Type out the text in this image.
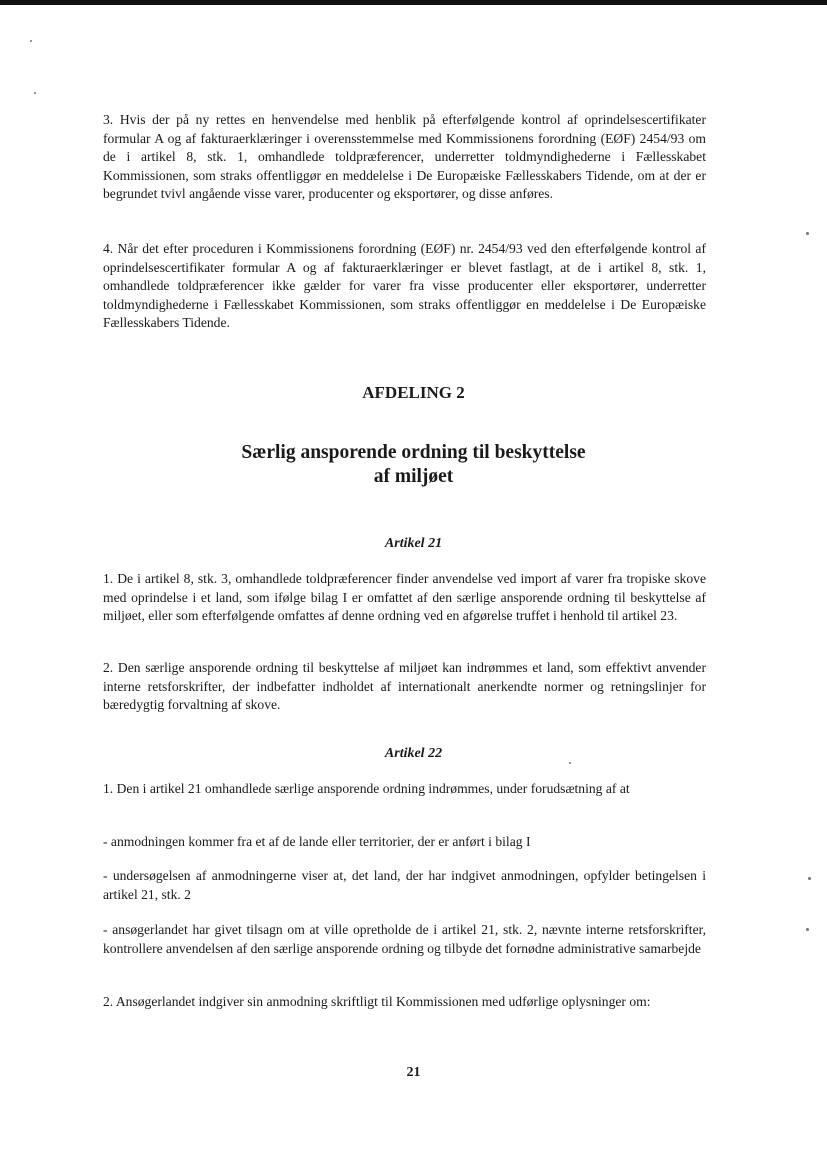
3. Hvis der på ny rettes en henvendelse med henblik på efterfølgende kontrol af oprindelsescertifikater formular A og af fakturaerklæringer i overensstemmelse med Kommissionens forordning (EØF) 2454/93 om de i artikel 8, stk. 1, omhandlede toldpræferencer, underretter toldmyndighederne i Fællesskabet Kommissionen, som straks offentliggør en meddelelse i De Europæiske Fællesskabers Tidende, om at der er begrundet tvivl angående visse varer, producenter og eksportører, og disse anføres.

4. Når det efter proceduren i Kommissionens forordning (EØF) nr. 2454/93 ved den efterfølgende kontrol af oprindelsescertifikater formular A og af fakturaerklæringer er blevet fastlagt, at de i artikel 8, stk. 1, omhandlede toldpræferencer ikke gælder for varer fra visse producenter eller eksportører, underretter toldmyndighederne i Fællesskabet Kommissionen, som straks offentliggør en meddelelse i De Europæiske Fællesskabers Tidende.

AFDELING 2
Særlig ansporende ordning til beskyttelse
af miljøet
Artikel 21

1. De i artikel 8, stk. 3, omhandlede toldpræferencer finder anvendelse ved import af varer fra tropiske skove med oprindelse i et land, som ifølge bilag I er omfattet af den særlige ansporende ordning til beskyttelse af miljøet, eller som efterfølgende omfattes af denne ordning ved en afgørelse truffet i henhold til artikel 23.

2. Den særlige ansporende ordning til beskyttelse af miljøet kan indrømmes et land, som effektivt anvender interne retsforskrifter, der indbefatter indholdet af internationalt anerkendte normer og retningslinjer for bæredygtig forvaltning af skove.

Artikel 22

1. Den i artikel 21 omhandlede særlige ansporende ordning indrømmes, under forudsætning af at

- anmodningen kommer fra et af de lande eller territorier, der er anført i bilag I

- undersøgelsen af anmodningerne viser at, det land, der har indgivet anmodningen, opfylder betingelsen i artikel 21, stk. 2

- ansøgerlandet har givet tilsagn om at ville opretholde de i artikel 21, stk. 2, nævnte interne retsforskrifter, kontrollere anvendelsen af den særlige ansporende ordning og tilbyde det fornødne administrative samarbejde

2. Ansøgerlandet indgiver sin anmodning skriftligt til Kommissionen med udførlige oplysninger om:

21
